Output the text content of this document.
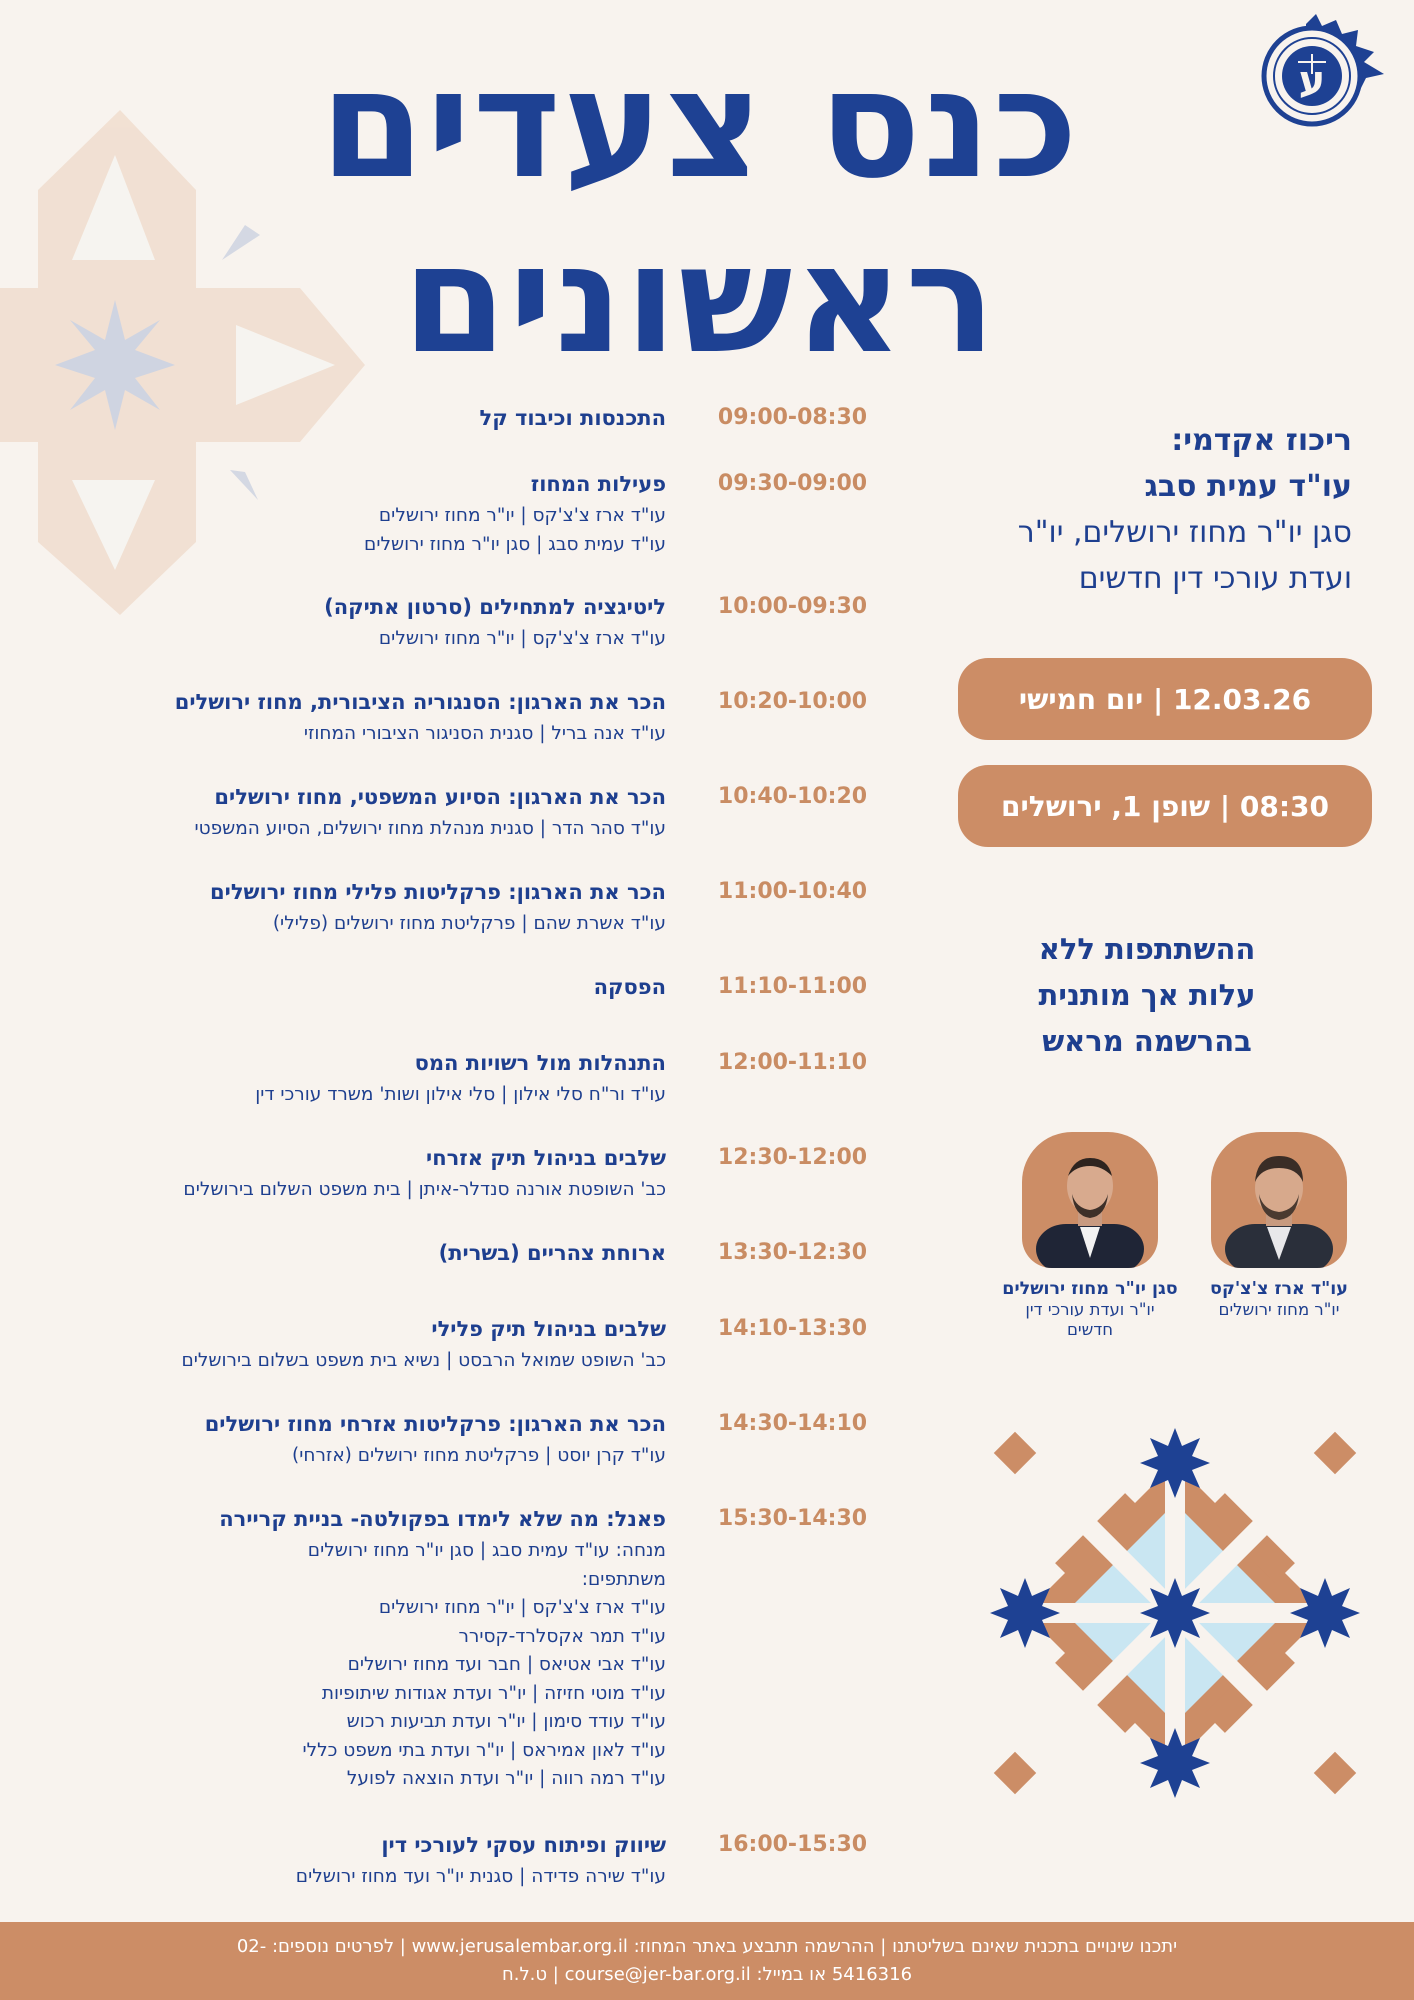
ע
כנס צעדים
ראשונים
09:00-08:30
התכנסות וכיבוד קל
09:30-09:00
פעילות המחוז
עו"ד ארז צ'צ'קס | יו"ר מחוז ירושלים
עו"ד עמית סבג | סגן יו"ר מחוז ירושלים
10:00-09:30
ליטיגציה למתחילים (סרטון אתיקה)
עו"ד ארז צ'צ'קס | יו"ר מחוז ירושלים
10:20-10:00
הכר את הארגון: הסנגוריה הציבורית, מחוז ירושלים
עו"ד אנה בריל | סגנית הסניגור הציבורי המחוזי
10:40-10:20
הכר את הארגון: הסיוע המשפטי, מחוז ירושלים
עו"ד סהר הדר | סגנית מנהלת מחוז ירושלים, הסיוע המשפטי
11:00-10:40
הכר את הארגון: פרקליטות פלילי מחוז ירושלים
עו"ד אשרת שהם | פרקליטת מחוז ירושלים (פלילי)
11:10-11:00
הפסקה
12:00-11:10
התנהלות מול רשויות המס
עו"ד ור"ח סלי אילון | סלי אילון ושות' משרד עורכי דין
12:30-12:00
שלבים בניהול תיק אזרחי
כב' השופטת אורנה סנדלר-איתן | בית משפט השלום בירושלים
13:30-12:30
ארוחת צהריים (בשרית)
14:10-13:30
שלבים בניהול תיק פלילי
כב' השופט שמואל הרבסט | נשיא בית משפט בשלום בירושלים
14:30-14:10
הכר את הארגון: פרקליטות אזרחי מחוז ירושלים
עו"ד קרן יוסט | פרקליטת מחוז ירושלים (אזרחי)
15:30-14:30
פאנל: מה שלא לימדו בפקולטה- בניית קריירה
מנחה: עו"ד עמית סבג | סגן יו"ר מחוז ירושלים
משתתפים:
עו"ד ארז צ'צ'קס | יו"ר מחוז ירושלים
עו"ד תמר אקסלרד-קסירר
עו"ד אבי אטיאס | חבר ועד מחוז ירושלים
עו"ד מוטי חזיזה | יו"ר ועדת אגודות שיתופיות
עו"ד עודד סימון | יו"ר ועדת תביעות רכוש
עו"ד לאון אמיראס | יו"ר ועדת בתי משפט כללי
עו"ד רמה רווה | יו"ר ועדת הוצאה לפועל
16:00-15:30
שיווק ופיתוח עסקי לעורכי דין
עו"ד שירה פדידה | סגנית יו"ר ועד מחוז ירושלים
ריכוז אקדמי:
עו"ד עמית סבג
סגן יו"ר מחוז ירושלים, יו"ר
ועדת עורכי דין חדשים
12.03.26 | יום חמישי
08:30 | שופן 1, ירושלים
ההשתתפות ללא
עלות אך מותנית
בהרשמה מראש
עו"ד ארז צ'צ'קס
יו"ר מחוז ירושלים
סגן יו"ר מחוז ירושלים
יו"ר ועדת עורכי דין חדשים
יתכנו שינויים בתכנית שאינם בשליטתנו | ההרשמה תתבצע באתר המחוז: www.jerusalembar.org.il | לפרטים נוספים: -02
5416316 או במייל: course@jer-bar.org.il | ט.ל.ח
